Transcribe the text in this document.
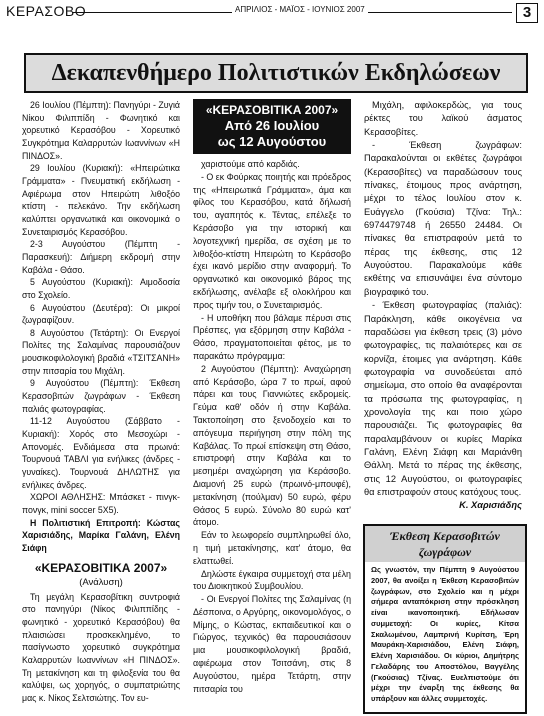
ΚΕΡΑΣΟΒΟ	ΑΠΡΙΛΙΟΣ - ΜΑΪΟΣ - ΙΟΥΝΙΟΣ 2007	3
Δεκαπενθήμερο Πολιτιστικών Εκδηλώσεων

26 Ιουλίου (Πέμπτη): Πανηγύρι - Ζυγιά Νίκου Φιλιππίδη - Φωνητικό και χορευτικό Κερασόβου - Χορευτικό Συγκρότημα Καλαρρυτών Ιωαννίνων «Η ΠΙΝΔΟΣ».

29 Ιουλίου (Κυριακή): «Ηπειρώτικα Γράμματα» - Πνευματική εκδήλωση - Αφιέρωμα στον Ηπειρώτη λιθοξόο κτίστη - πελεκάνο. Την εκδήλωση καλύπτει οργανωτικά και οικονομικά ο Συνεταιρισμός Κερασόβου.

2-3 Αυγούστου (Πέμπτη - Παρασκευή): Διήμερη εκδρομή στην Καβάλα - Θάσο.

5 Αυγούστου (Κυριακή): Αιμοδοσία στο Σχολείο.

6 Αυγούστου (Δευτέρα): Οι μικροί ζωγραφίζουν.

8 Αυγούστου (Τετάρτη): Οι Ενεργοί Πολίτες της Σαλαμίνας παρουσιάζουν μουσικοφιλολογική βραδιά «ΤΣΙΤΣΑΝΗ» στην πιτσαρία του Μιχάλη.

9 Αυγούστου (Πέμπτη): Έκθεση Κερασοβιτών ζωγράφων - Έκθεση παλιάς φωτογραφίας.

11-12 Αυγούστου (Σάββατο - Κυριακή): Χορός στο Μεσοχώρι - Απονομές. Ενδιάμεσα στα πρωινά: Τουρνουά ΤΑΒΛΙ για ενήλικες (άνδρες - γυναίκες). Τουρνουά ΔΗΛΩΤΗΣ για ενήλικες άνδρες.

ΧΩΡΟΙ ΑΘΛΗΣΗΣ: Μπάσκετ - πινγκ-πονγκ, mini soccer 5Χ5).

Η Πολιτιστική Επιτροπή: Κώστας Χαρισιάδης, Μαρίκα Γαλάνη, Ελένη Σιάφη

«ΚΕΡΑΣΟΒΙΤΙΚΑ 2007»
(Ανάλυση)

Τη μεγάλη Κερασοβίτικη συντροφιά στο πανηγύρι (Νίκος Φιλιππίδης - φωνητικό - χορευτικό Κερασόβου) θα πλαισιώσει προσκεκλημένο, το πασίγνωστο χορευτικό συγκρότημα Καλαρρυτών Ιωαννίνων «Η ΠΙΝΔΟΣ». Τη μετακίνηση και τη φιλοξενία του θα καλύψει, ως χορηγός, ο συμπατριώτης μας κ. Νίκος Σελτσιώτης. Τον ευ-

«ΚΕΡΑΣΟΒΙΤΙΚΑ 2007»
Από 26 Ιουλίου
ως 12 Αυγούστου

χαριστούμε από καρδιάς.

- Ο εκ Φούρκας ποιητής και πρόεδρος της «Ηπειρωτικά Γράμματα», άμα και φίλος του Κερασόβου, κατά δήλωσή του, αγαπητός κ. Τέντας, επέλεξε το Κεράσοβο για την ιστορική και λογοτεχνική ημερίδα, σε σχέση με το λιθοξόο-κτίστη Ηπειρώτη το Κεράσοβο έχει ικανό μερίδιο στην αναφορμή. Το οργανωτικό και οικονομικό βάρος της εκδήλωσης, ανέλαβε εξ ολοκλήρου και προς τιμήν του, ο Συνεταιρισμός.

- Η υποθήκη που βάλαμε πέρυσι στις Πρέσπες, για εξόρμηση στην Καβάλα - Θάσο, πραγματοποιείται φέτος, με το παρακάτω πρόγραμμα:

2 Αυγούστου (Πέμπτη): Αναχώρηση από Κεράσοβο, ώρα 7 το πρωί, αφού πάρει και τους Γιαννιώτες εκδρομείς. Γεύμα καθ' οδόν ή στην Καβάλα. Τακτοποίηση στο ξενοδοχείο και το απόγευμα περιήγηση στην πόλη της Καβάλας. Το πρωί επίσκεψη στη Θάσο, επιστροφή στην Καβάλα και το μεσημέρι αναχώρηση για Κεράσοβο. Διαμονή 25 ευρώ (πρωινό-μπουφέ), μετακίνηση (πούλμαν) 50 ευρώ, φέρυ Θάσος 5 ευρώ. Σύνολο 80 ευρώ κατ' άτομο.

Εάν το λεωφορείο συμπληρωθεί όλο, η τιμή μετακίνησης, κατ' άτομο, θα ελαττωθεί.

Δηλώστε έγκαιρα συμμετοχή στα μέλη του Διοικητικού Συμβουλίου.

- Οι Ενεργοί Πολίτες της Σαλαμίνας (η Δέσποινα, ο Αργύρης, οικονομολόγος, ο Μίμης, ο Κώστας, εκπαιδευτικοί και ο Γιώργος, τεχνικός) θα παρουσιάσουν μια μουσικοφιλολογική βραδιά, αφιέρωμα στον Τσιτσάνη, στις 8 Αυγούστου, ημέρα Τετάρτη, στην πιτσαρία του

Μιχάλη, αφιλοκερδώς, για τους ρέκτες του λαϊκού άσματος Κερασοβίτες.

- Έκθεση ζωγράφων: Παρακαλούνται οι εκθέτες ζωγράφοι (Κερασοβίτες) να παραδώσουν τους πίνακες, έτοιμους προς ανάρτηση, μέχρι το τέλος Ιουλίου στον κ. Ευάγγελο (Γκούσια) Τζίνα: Τηλ.: 6974479748 ή 26550 24484. Οι πίνακες θα επιστραφούν μετά το πέρας της έκθεσης, στις 12 Αυγούστου. Παρακαλούμε κάθε εκθέτης να επισυνάψει ένα σύντομο βιογραφικό του.

- Έκθεση φωτογραφίας (παλιάς): Παράκληση, κάθε οικογένεια να παραδώσει για έκθεση τρεις (3) μόνο φωτογραφίες, τις παλαιότερες και σε κορνίζα, έτοιμες για ανάρτηση. Κάθε φωτογραφία να συνοδεύεται από σημείωμα, στο οποίο θα αναφέρονται τα πρόσωπα της φωτογραφίας, η χρονολογία της και ποιο χώρο παρουσιάζει. Τις φωτογραφίες θα παραλαμβάνουν οι κυρίες Μαρίκα Γαλάνη, Ελένη Σιάφη και Μαριάνθη Θάλλη. Μετά το πέρας της έκθεσης, στις 12 Αυγούστου, οι φωτογραφίες θα επιστραφούν στους κατόχους τους.

Κ. Χαρισιάδης
Έκθεση Κερασοβιτών ζωγράφων
Ως γνωστόν, την Πέμπτη 9 Αυγούστου 2007, θα ανοίξει η Έκθεση Κερασοβιτών ζωγράφων, στο Σχολείο και η μέχρι σήμερα ανταπόκριση στην πρόσκληση είναι ικανοποιητική. Εδήλωσαν συμμετοχή: Οι κυρίες, Κίτσα Σκαλωμένου, Λαμπρινή Κυρίτση, Έρη Μαυράκη-Χαρισιάδου, Ελένη Σιάφη, Ελένη Χαρισιάδου. Οι κύριοι, Δημήτρης Γελαδάρης του Αποστόλου, Βαγγέλης (Γκούσιας) Τζίνας. Ευελπιστούμε ότι μέχρι την έναρξη της έκθεσης θα υπάρξουν και άλλες συμμετοχές.
